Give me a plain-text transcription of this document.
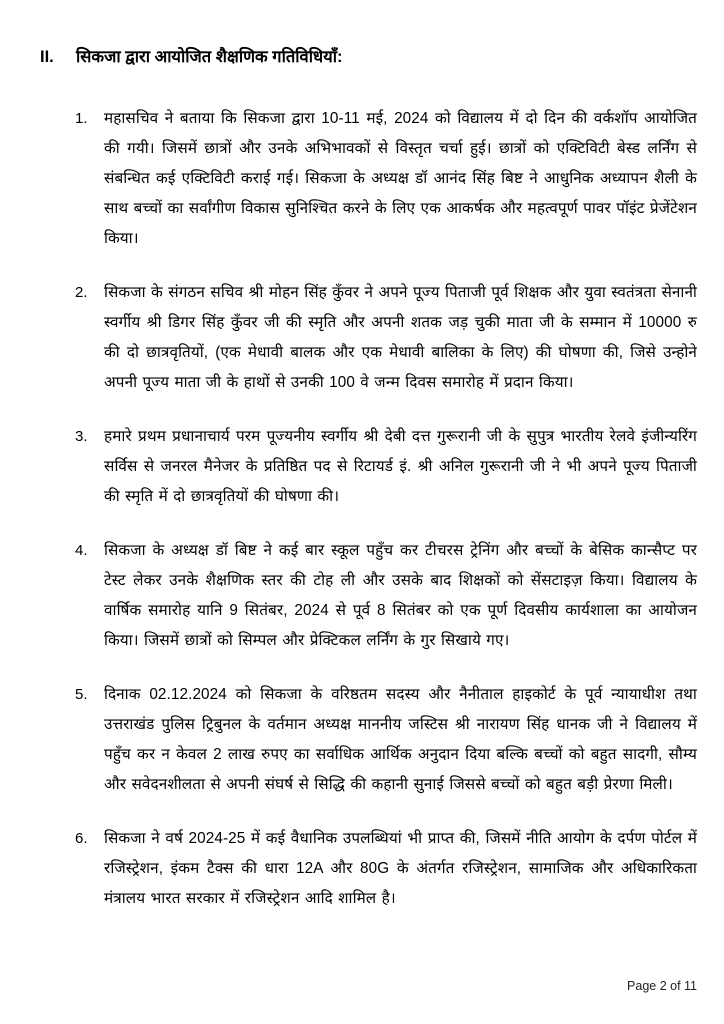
II.	सिकजा द्वारा आयोजित शैक्षणिक गतिविधियाँ:
1.	महासचिव ने बताया कि सिकजा द्वारा 10-11 मई, 2024 को विद्यालय में दो दिन की वर्कशॉप आयोजित की गयी। जिसमें छात्रों और उनके अभिभावकों से विस्तृत चर्चा हुई। छात्रों को एक्टिविटी बेस्ड लर्निंग से संबन्धित कई एक्टिविटी कराई गई। सिकजा के अध्यक्ष डॉ आनंद सिंह बिष्ट ने आधुनिक अध्यापन शैली के साथ बच्चों का सर्वांगीण विकास सुनिश्चित करने के लिए एक आकर्षक और महत्वपूर्ण पावर पॉइंट प्रेजेंटेशन किया।
2.	सिकजा के संगठन सचिव श्री मोहन सिंह कुँवर ने अपने पूज्य पिताजी पूर्व शिक्षक और युवा स्वतंत्रता सेनानी स्वर्गीय श्री डिगर सिंह कुँवर जी की स्मृति और अपनी शतक जड़ चुकी माता जी के सम्मान में 10000 रु की दो छात्रवृतियों, (एक मेधावी बालक और एक मेधावी बालिका के लिए) की घोषणा की, जिसे उन्होने अपनी पूज्य माता जी के हाथों से उनकी 100 वे जन्म दिवस समारोह में प्रदान किया।
3.	हमारे प्रथम प्रधानाचार्य परम पूज्यनीय स्वर्गीय श्री देबी दत्त गुरूरानी जी के सुपुत्र भारतीय रेलवे इंजीन्यरिंग सर्विस से जनरल मैनेजर के प्रतिष्ठित पद से रिटायर्ड इं. श्री अनिल गुरूरानी जी ने भी अपने पूज्य पिताजी की स्मृति में दो छात्रवृतियों की घोषणा की।
4.	सिकजा के अध्यक्ष डॉ बिष्ट ने कई बार स्कूल पहुँच कर टीचरस ट्रेनिंग और बच्चों के बेसिक कान्सैप्ट पर टेस्ट लेकर उनके शैक्षणिक स्तर की टोह ली और उसके बाद शिक्षकों को सेंसटाइज़ किया। विद्यालय के वार्षिक समारोह यानि 9 सितंबर, 2024 से पूर्व 8 सितंबर को एक पूर्ण दिवसीय कार्यशाला का आयोजन किया। जिसमें छात्रों को सिम्पल और प्रेक्टिकल लर्निंग के गुर सिखाये गए।
5.	दिनाक 02.12.2024 को सिकजा के वरिष्ठतम सदस्य और नैनीताल हाइकोर्ट के पूर्व न्यायाधीश तथा उत्तराखंड पुलिस ट्रिबुनल के वर्तमान अध्यक्ष माननीय जस्टिस श्री नारायण सिंह धानक जी ने विद्यालय में पहुँच कर न केवल 2 लाख रुपए का सर्वाधिक आर्थिक अनुदान दिया बल्कि बच्चों को बहुत सादगी, सौम्य और सवेदनशीलता से अपनी संघर्ष से सिद्धि की कहानी सुनाई जिससे बच्चों को बहुत बड़ी प्रेरणा मिली।
6.	सिकजा ने वर्ष 2024-25 में कई वैधानिक उपलब्धियां भी प्राप्त की, जिसमें नीति आयोग के दर्पण पोर्टल में रजिस्ट्रेशन, इंकम टैक्स की धारा 12A और 80G के अंतर्गत रजिस्ट्रेशन, सामाजिक और अधिकारिकता मंत्रालय भारत सरकार में रजिस्ट्रेशन आदि शामिल है।
Page 2 of 11
